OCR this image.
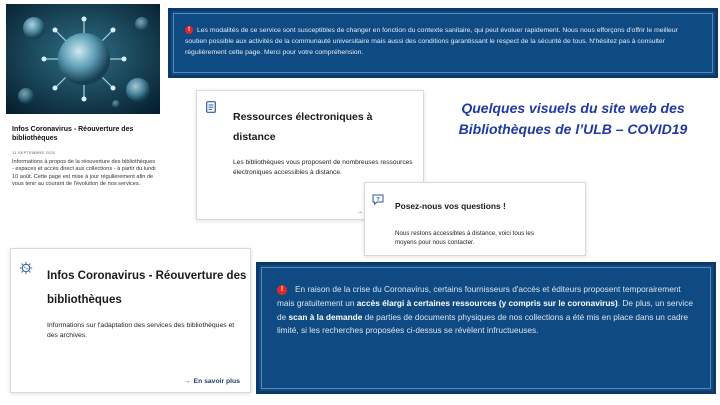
Infos Coronavirus - Réouverture des bibliothèques
11 SEPTEMBRE 2020
Informations à propos de la réouverture des bibliothèques - espaces et accès direct aux collections - à partir du lundi 10 août. Cette page est mise à jour régulièrement afin de vous tenir au courant de l'évolution de nos services.

! Les modalités de ce service sont susceptibles de changer en fonction du contexte sanitaire, qui peut évoluer rapidement. Nous nous efforçons d'offrir le meilleur soutien possible aux activités de la communauté universitaire mais aussi des conditions garantissant le respect de la sécurité de tous. N'hésitez pas à consulter régulièrement cette page. Merci pour votre compréhension.

Ressources électroniques à distance
Les bibliothèques vous proposent de nombreuses ressources électroniques accessibles à distance.
→
Quelques visuels du site web des Bibliothèques de l’ULB – COVID19
?
Posez-nous vos questions !
Nous restons accessibles à distance, voici tous les moyens pour nous contacter.
Infos Coronavirus - Réouverture des bibliothèques
Informations sur l'adaptation des services des bibliothèques et des archives.
→ En savoir plus

! En raison de la crise du Coronavirus, certains fournisseurs d'accès et éditeurs proposent temporairement mais gratuitement un accès élargi à certaines ressources (y compris sur le coronavirus). De plus, un service de scan à la demande de parties de documents physiques de nos collections a été mis en place dans un cadre limité, si les recherches proposées ci-dessus se révèlent infructueuses.
